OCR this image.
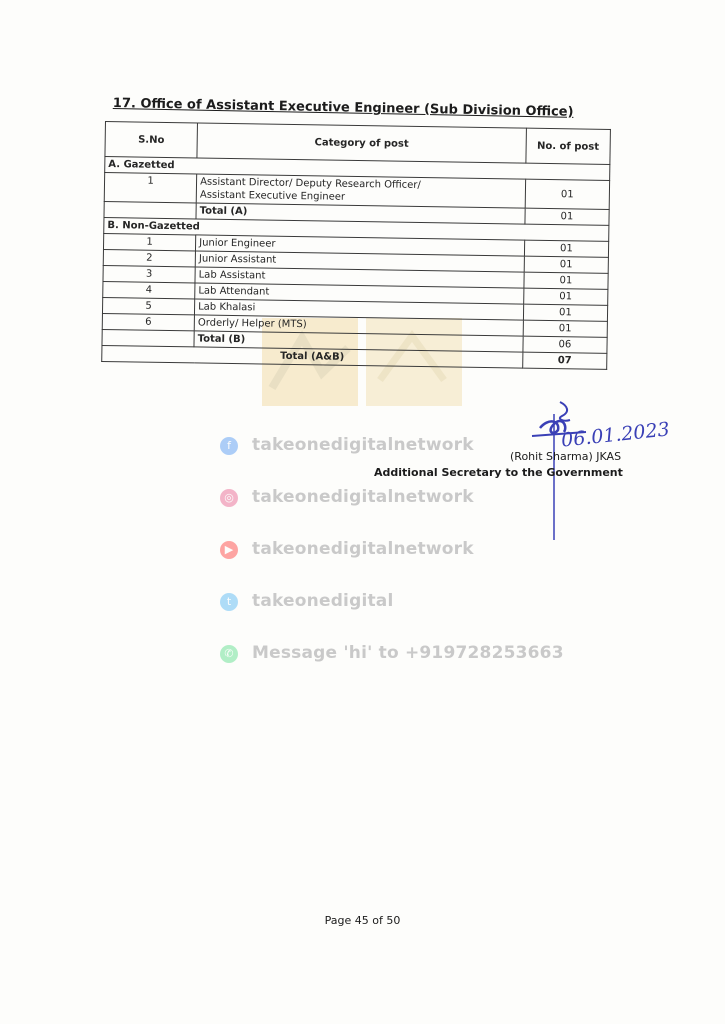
17. Office of Assistant Executive Engineer (Sub Division Office)
S.No	Category of post	No. of post
A. Gazetted		
1	Assistant Director/ Deputy Research Officer/
Assistant Executive Engineer	01
	Total (A)	01
B. Non-Gazetted		
1	Junior Engineer	01
2	Junior Assistant	01
3	Lab Assistant	01
4	Lab Attendant	01
5	Lab Khalasi	01
6	Orderly/ Helper (MTS)	01
	Total (B)	06
Total (A&B)		07
f	takeonedigitalnetwork
◎ takeonedigitalnetwork
▶ takeonedigitalnetwork
t	takeonedigital
✆ Message 'hi' to +919728253663
06.01.2023
(Rohit Sharma) JKAS
Additional Secretary to the Government
Page 45 of 50
